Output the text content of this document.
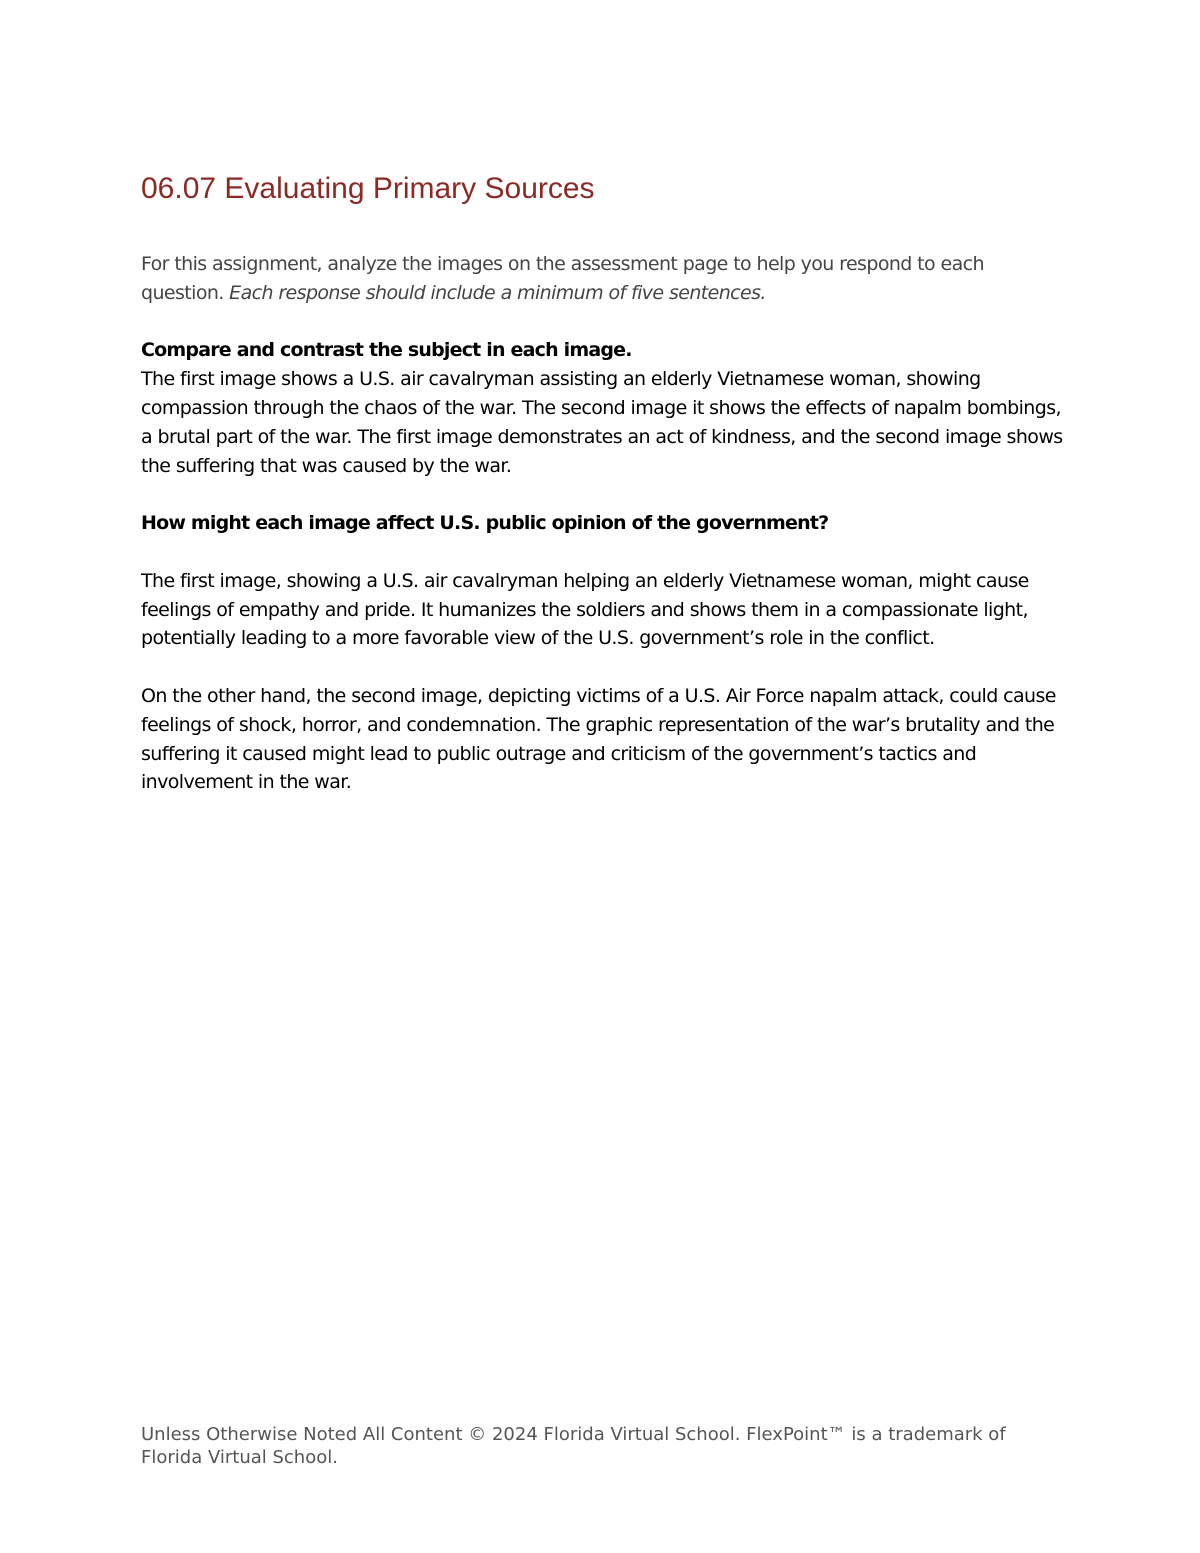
06.07 Evaluating Primary Sources

For this assignment, analyze the images on the assessment page to help you respond to each question. Each response should include a minimum of five sentences.

Compare and contrast the subject in each image.

The first image shows a U.S. air cavalryman assisting an elderly Vietnamese woman, showing compassion through the chaos of the war. The second image it shows the effects of napalm bombings, a brutal part of the war. The first image demonstrates an act of kindness, and the second image shows the suffering that was caused by the war.

How might each image affect U.S. public opinion of the government?

The first image, showing a U.S. air cavalryman helping an elderly Vietnamese woman, might cause feelings of empathy and pride. It humanizes the soldiers and shows them in a compassionate light, potentially leading to a more favorable view of the U.S. government’s role in the conflict.

On the other hand, the second image, depicting victims of a U.S. Air Force napalm attack, could cause feelings of shock, horror, and condemnation. The graphic representation of the war’s brutality and the suffering it caused might lead to public outrage and criticism of the government’s tactics and involvement in the war.

Unless Otherwise Noted All Content © 2024 Florida Virtual School. FlexPoint™ is a trademark of Florida Virtual School.
